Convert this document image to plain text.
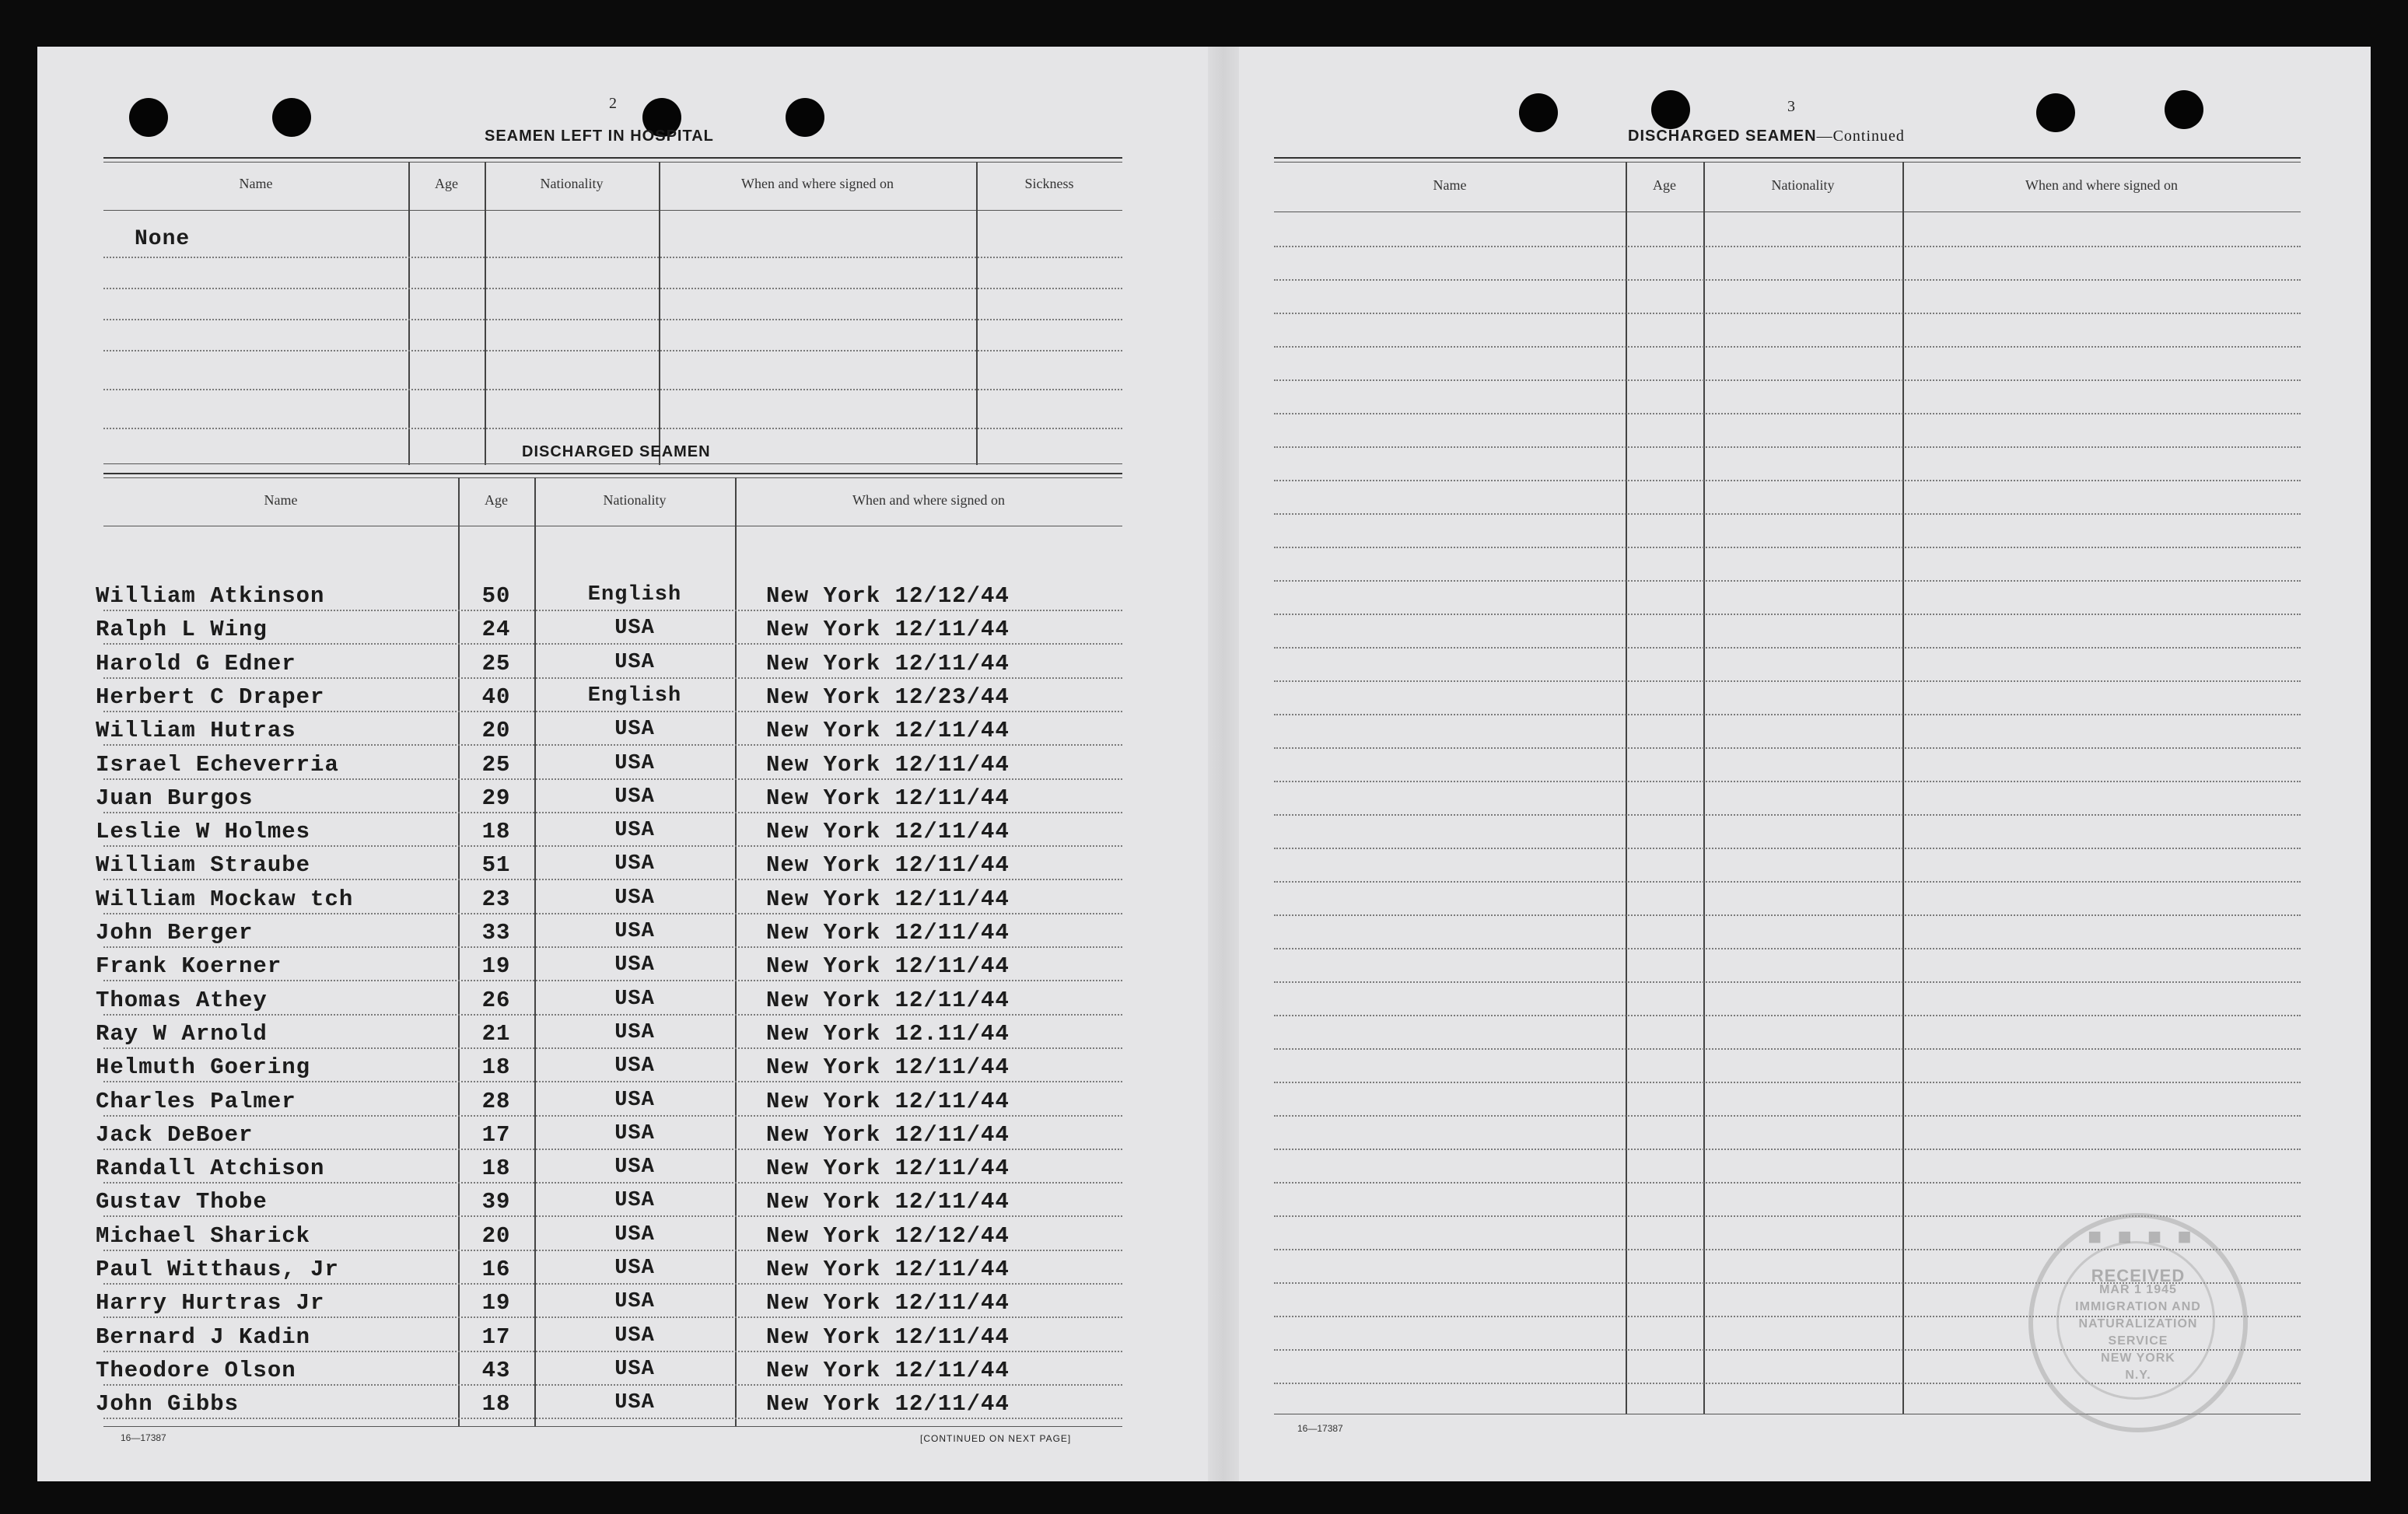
2
SEAMEN LEFT IN HOSPITAL
Name	Age	Nationality	When and where signed on	Sickness
None
DISCHARGED SEAMEN
Name	Age	Nationality	When and where signed on
William Atkinson	50	English	New York 12/12/44
Ralph L Wing	24	USA	New York 12/11/44
Harold G Edner	25	USA	New York 12/11/44
Herbert C Draper	40	English	New York 12/23/44
William Hutras	20	USA	New York 12/11/44
Israel Echeverria	25	USA	New York 12/11/44
Juan Burgos	29	USA	New York 12/11/44
Leslie W Holmes	18	USA	New York 12/11/44
William Straube	51	USA	New York 12/11/44
William Mockaw tch	23	USA	New York 12/11/44
John Berger	33	USA	New York 12/11/44
Frank Koerner	19	USA	New York 12/11/44
Thomas Athey	26	USA	New York 12/11/44
Ray W Arnold	21	USA	New York 12.11/44
Helmuth Goering	18	USA	New York 12/11/44
Charles Palmer	28	USA	New York 12/11/44
Jack DeBoer	17	USA	New York 12/11/44
Randall Atchison	18	USA	New York 12/11/44
Gustav Thobe	39	USA	New York 12/11/44
Michael Sharick	20	USA	New York 12/12/44
Paul Witthaus, Jr	16	USA	New York 12/11/44
Harry Hurtras Jr	19	USA	New York 12/11/44
Bernard J Kadin	17	USA	New York 12/11/44
Theodore Olson	43	USA	New York 12/11/44
John Gibbs	18	USA	New York 12/11/44
16—17387	[CONTINUED ON NEXT PAGE]
3
DISCHARGED SEAMEN—Continued
Name	Age	Nationality	When and where signed on
16—17387
RECEIVED
MAR 1 1945
IMMIGRATION AND
NATURALIZATION
SERVICE
NEW YORK
N.Y.
■ ■ ■ ■
